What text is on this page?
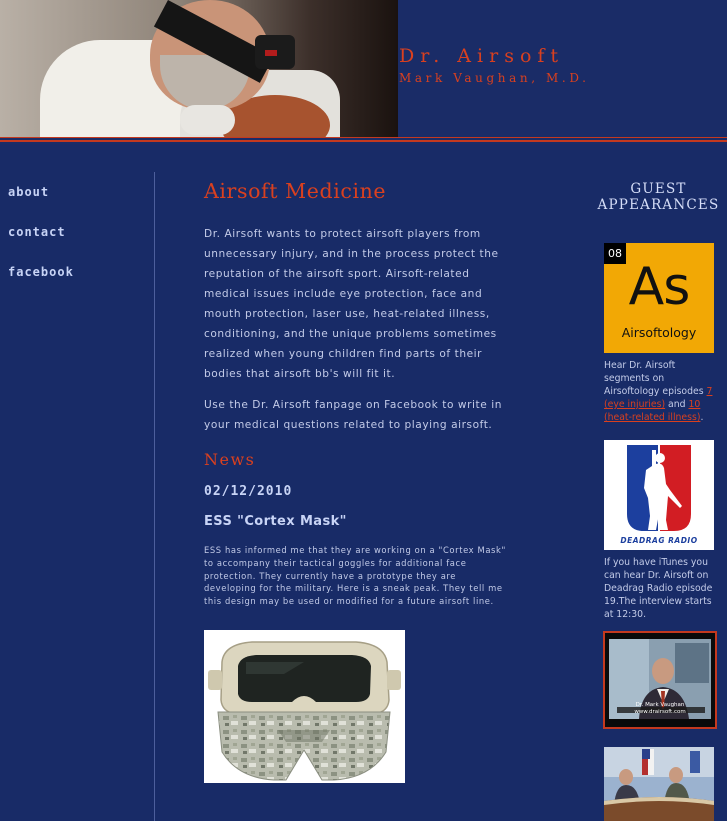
Dr. Airsoft
Mark Vaughan, M.D.
about
contact
facebook
Airsoft Medicine

Dr. Airsoft wants to protect airsoft players from unnecessary injury, and in the process protect the reputation of the airsoft sport. Airsoft-related medical issues include eye protection, face and mouth protection, laser use, heat-related illness, conditioning, and the unique problems sometimes realized when young children find parts of their bodies that airsoft bb's will fit it.

Use the Dr. Airsoft fanpage on Facebook to write in your medical questions related to playing airsoft.

News
02/12/2010
ESS "Cortex Mask"

ESS has informed me that they are working on a "Cortex Mask" to accompany their tactical goggles for additional face protection. They currently have a prototype they are developing for the military. Here is a sneak peak. They tell me this design may be used or modified for a future airsoft line.

GUEST
APPEARANCES
08
As
Airsoftology

Hear Dr. Airsoft segments on Airsoftology episodes 7 (eye injuries) and 10 (heat-related illness).

DEADRAG RADIO

If you have iTunes you can hear Dr. Airsoft on Deadrag Radio episode 19.The interview starts at 12:30.

Dr. Mark Vaughan
www.drairsoft.com
